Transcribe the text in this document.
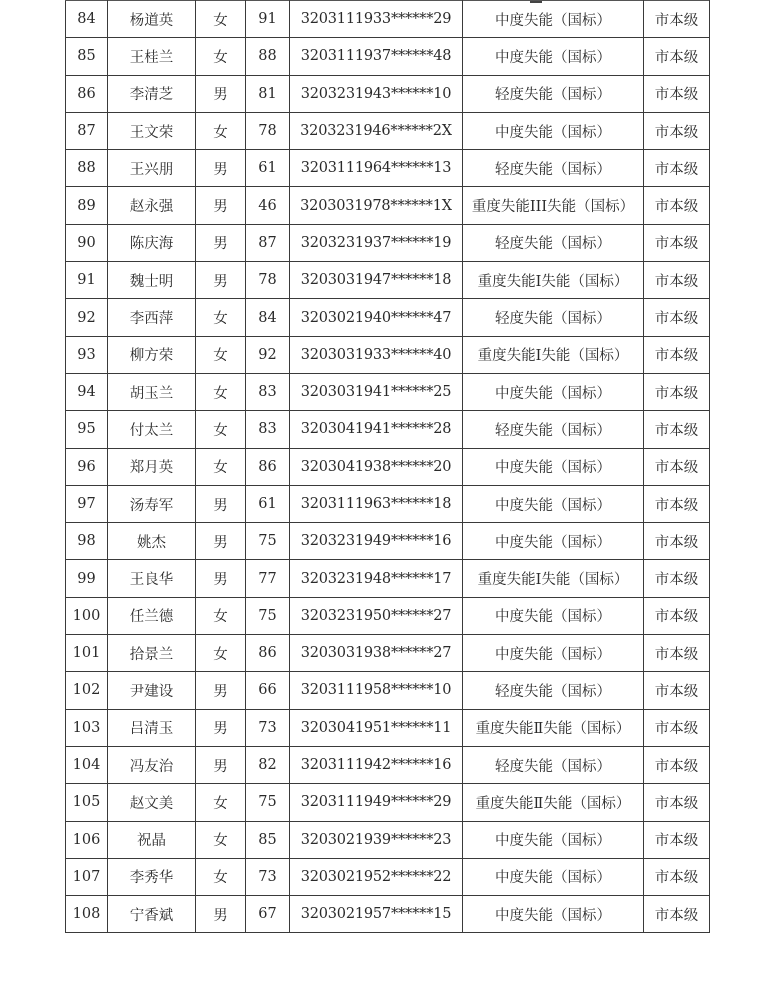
84	杨道英	女	91	3203111933******29	中度失能（国标）	市本级
85	王桂兰	女	88	3203111937******48	中度失能（国标）	市本级
86	李清芝	男	81	3203231943******10	轻度失能（国标）	市本级
87	王文荣	女	78	3203231946******2X	中度失能（国标）	市本级
88	王兴朋	男	61	3203111964******13	轻度失能（国标）	市本级
89	赵永强	男	46	3203031978******1X	重度失能III失能（国标）	市本级
90	陈庆海	男	87	3203231937******19	轻度失能（国标）	市本级
91	魏士明	男	78	3203031947******18	重度失能Ⅰ失能（国标）	市本级
92	李西萍	女	84	3203021940******47	轻度失能（国标）	市本级
93	柳方荣	女	92	3203031933******40	重度失能Ⅰ失能（国标）	市本级
94	胡玉兰	女	83	3203031941******25	中度失能（国标）	市本级
95	付太兰	女	83	3203041941******28	轻度失能（国标）	市本级
96	郑月英	女	86	3203041938******20	中度失能（国标）	市本级
97	汤寿军	男	61	3203111963******18	中度失能（国标）	市本级
98	姚杰	男	75	3203231949******16	中度失能（国标）	市本级
99	王良华	男	77	3203231948******17	重度失能Ⅰ失能（国标）	市本级
100	任兰德	女	75	3203231950******27	中度失能（国标）	市本级
101	拾景兰	女	86	3203031938******27	中度失能（国标）	市本级
102	尹建设	男	66	3203111958******10	轻度失能（国标）	市本级
103	吕清玉	男	73	3203041951******11	重度失能Ⅱ失能（国标）	市本级
104	冯友治	男	82	3203111942******16	轻度失能（国标）	市本级
105	赵文美	女	75	3203111949******29	重度失能Ⅱ失能（国标）	市本级
106	祝晶	女	85	3203021939******23	中度失能（国标）	市本级
107	李秀华	女	73	3203021952******22	中度失能（国标）	市本级
108	宁香斌	男	67	3203021957******15	中度失能（国标）	市本级
